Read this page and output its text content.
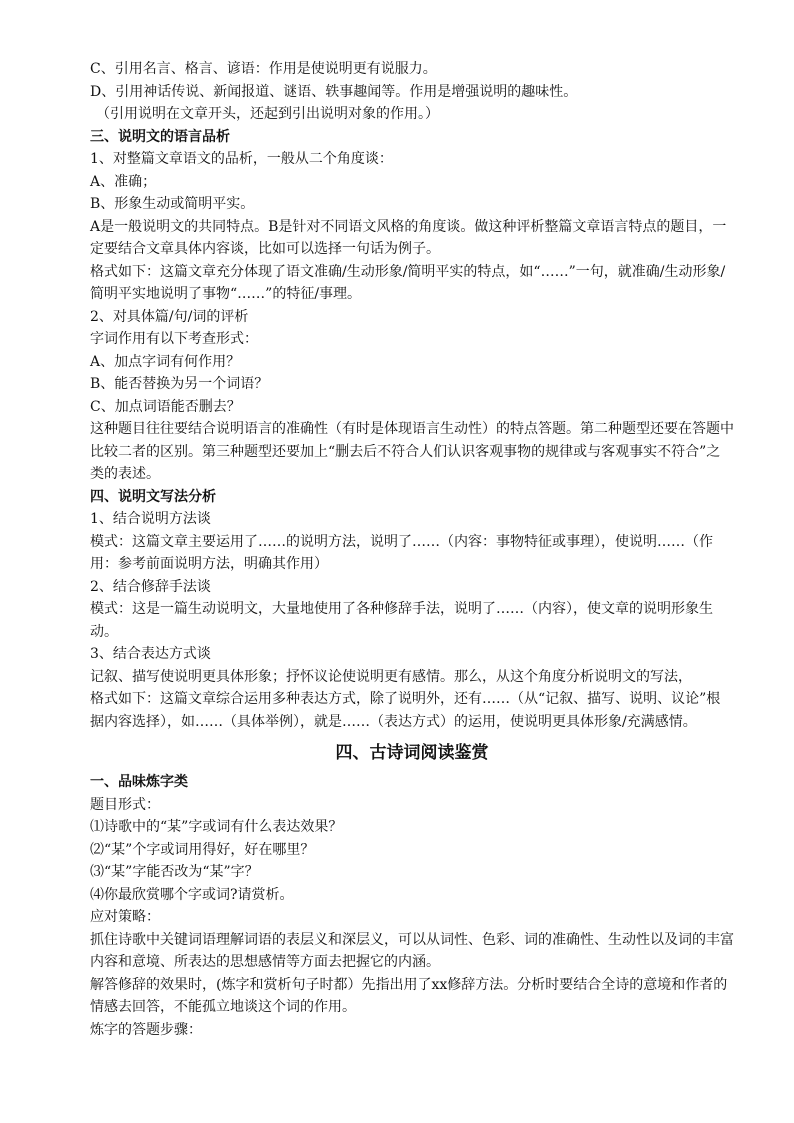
C、引用名言、格言、谚语：作用是使说明更有说服力。

D、引用神话传说、新闻报道、谜语、轶事趣闻等。作用是增强说明的趣味性。

（引用说明在文章开头，还起到引出说明对象的作用。）

三、说明文的语言品析

1、对整篇文章语文的品析，一般从二个角度谈：

A、准确；

B、形象生动或简明平实。

A是一般说明文的共同特点。B是针对不同语文风格的角度谈。做这种评析整篇文章语言特点的题目，一定要结合文章具体内容谈，比如可以选择一句话为例子。

格式如下：这篇文章充分体现了语文准确/生动形象/简明平实的特点，如“……”一句，就准确/生动形象/简明平实地说明了事物“……”的特征/事理。

2、对具体篇/句/词的评析

字词作用有以下考查形式：

A、加点字词有何作用？

B、能否替换为另一个词语？

C、加点词语能否删去？

这种题目往往要结合说明语言的准确性（有时是体现语言生动性）的特点答题。第二种题型还要在答题中比较二者的区别。第三种题型还要加上“删去后不符合人们认识客观事物的规律或与客观事实不符合”之类的表述。

四、说明文写法分析

1、结合说明方法谈

模式：这篇文章主要运用了……的说明方法，说明了……（内容：事物特征或事理），使说明……（作用：参考前面说明方法，明确其作用）

2、结合修辞手法谈

模式：这是一篇生动说明文，大量地使用了各种修辞手法，说明了……（内容），使文章的说明形象生动。

3、结合表达方式谈

记叙、描写使说明更具体形象；抒怀议论使说明更有感情。那么，从这个角度分析说明文的写法，

格式如下：这篇文章综合运用多种表达方式，除了说明外，还有……（从“记叙、描写、说明、议论”根据内容选择），如……（具体举例），就是……（表达方式）的运用，使说明更具体形象/充满感情。

四、古诗词阅读鉴赏

一、品味炼字类

题目形式：

⑴诗歌中的“某”字或词有什么表达效果？

⑵“某”个字或词用得好，好在哪里？

⑶“某”字能否改为“某”字？

⑷你最欣赏哪个字或词?请赏析。

应对策略：

抓住诗歌中关键词语理解词语的表层义和深层义，可以从词性、色彩、词的准确性、生动性以及词的丰富内容和意境、所表达的思想感情等方面去把握它的内涵。

解答修辞的效果时，(炼字和赏析句子时都）先指出用了xx修辞方法。分析时要结合全诗的意境和作者的情感去回答，不能孤立地谈这个词的作用。

炼字的答题步骤：
